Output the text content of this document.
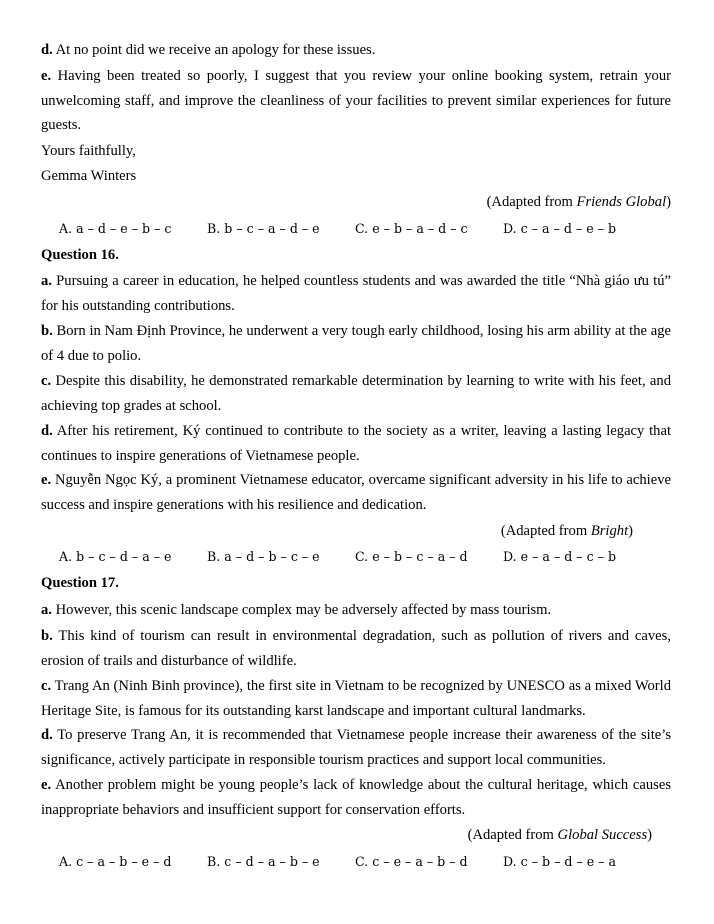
d. At no point did we receive an apology for these issues.
e. Having been treated so poorly, I suggest that you review your online booking system, retrain your unwelcoming staff, and improve the cleanliness of your facilities to prevent similar experiences for future guests.
Yours faithfully,
Gemma Winters
(Adapted from Friends Global)
A. a – d – e – b – c	B. b – c – a – d – e	C. e – b – a – d – c	D. c – a – d – e – b
Question 16.
a. Pursuing a career in education, he helped countless students and was awarded the title “Nhà giáo ưu tú” for his outstanding contributions.
b. Born in Nam Định Province, he underwent a very tough early childhood, losing his arm ability at the age of 4 due to polio.
c. Despite this disability, he demonstrated remarkable determination by learning to write with his feet, and achieving top grades at school.
d. After his retirement, Ký continued to contribute to the society as a writer, leaving a lasting legacy that continues to inspire generations of Vietnamese people.
e. Nguyễn Ngọc Ký, a prominent Vietnamese educator, overcame significant adversity in his life to achieve success and inspire generations with his resilience and dedication.
(Adapted from Bright)
A. b – c – d – a – e	B. a – d – b – c – e	C. e – b – c – a – d	D. e – a – d – c – b
Question 17.
a. However, this scenic landscape complex may be adversely affected by mass tourism.
b. This kind of tourism can result in environmental degradation, such as pollution of rivers and caves, erosion of trails and disturbance of wildlife.
c. Trang An (Ninh Binh province), the first site in Vietnam to be recognized by UNESCO as a mixed World Heritage Site, is famous for its outstanding karst landscape and important cultural landmarks.
d. To preserve Trang An, it is recommended that Vietnamese people increase their awareness of the site’s significance, actively participate in responsible tourism practices and support local communities.
e. Another problem might be young people’s lack of knowledge about the cultural heritage, which causes inappropriate behaviors and insufficient support for conservation efforts.
(Adapted from Global Success)
A. c – a – b – e – d	B. c – d – a – b – e	C. c – e – a – b – d	D. c – b – d – e – a
